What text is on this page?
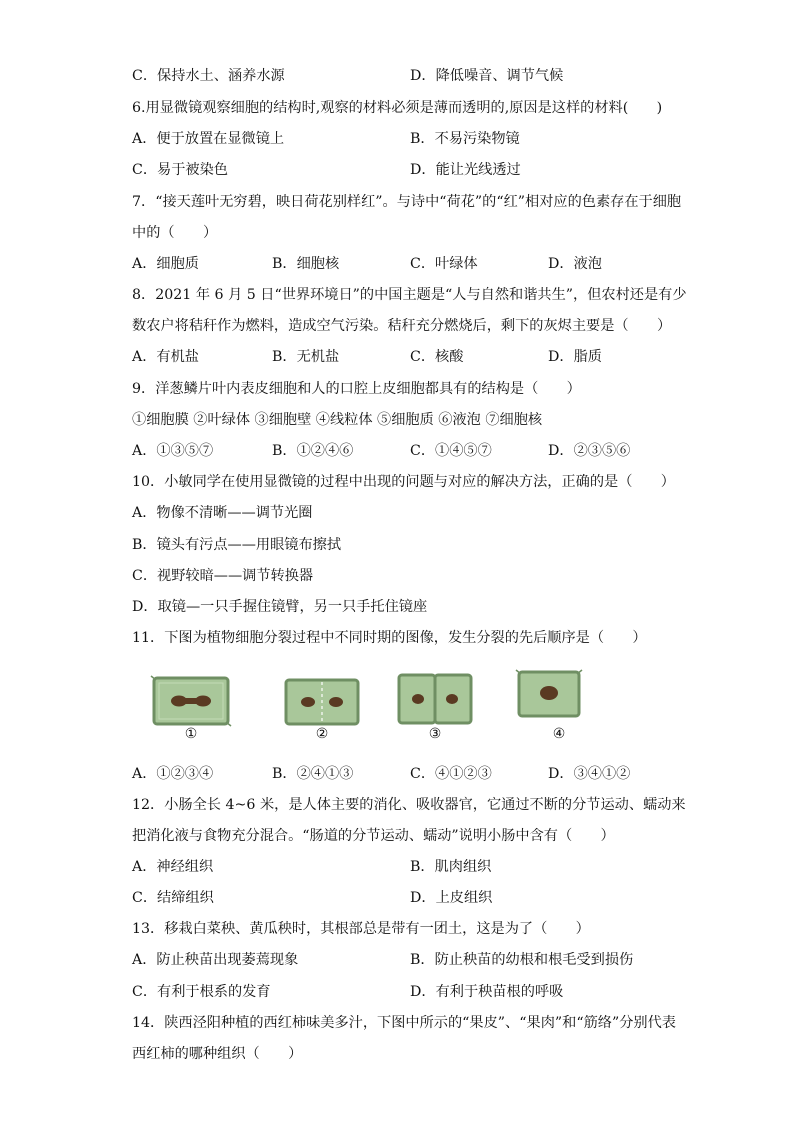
C．保持水土、涵养水源	D．降低噪音、调节气候
6.用显微镜观察细胞的结构时,观察的材料必须是薄而透明的,原因是这样的材料(　　)
A．便于放置在显微镜上	B．不易污染物镜
C．易于被染色	D．能让光线透过
7．“接天莲叶无穷碧，映日荷花别样红”。与诗中“荷花”的“红”相对应的色素存在于细胞
中的（　　）
A．细胞质	B．细胞核	C．叶绿体	D．液泡
8．2021 年 6 月 5 日“世界环境日”的中国主题是“人与自然和谐共生”，但农村还是有少
数农户将秸秆作为燃料，造成空气污染。秸秆充分燃烧后，剩下的灰烬主要是（　　）
A．有机盐	B．无机盐	C．核酸	D．脂质
9．洋葱鳞片叶内表皮细胞和人的口腔上皮细胞都具有的结构是（　　）
①细胞膜 ②叶绿体 ③细胞壁 ④线粒体 ⑤细胞质 ⑥液泡 ⑦细胞核
A．①③⑤⑦	B．①②④⑥	C．①④⑤⑦	D．②③⑤⑥
10．小敏同学在使用显微镜的过程中出现的问题与对应的解决方法，正确的是（　　）
A．物像不清晰——调节光圈
B．镜头有污点——用眼镜布擦拭
C．视野较暗——调节转换器
D．取镜—一只手握住镜臂，另一只手托住镜座
11．下图为植物细胞分裂过程中不同时期的图像，发生分裂的先后顺序是（　　）
①	②	③	④
A．①②③④	B．②④①③	C．④①②③	D．③④①②
12．小肠全长 4~6 米，是人体主要的消化、吸收器官，它通过不断的分节运动、蠕动来
把消化液与食物充分混合。“肠道的分节运动、蠕动”说明小肠中含有（　　）
A．神经组织	B．肌肉组织
C．结缔组织	D．上皮组织
13．移栽白菜秧、黄瓜秧时，其根部总是带有一团土，这是为了（　　）
A．防止秧苗出现萎蔫现象	B．防止秧苗的幼根和根毛受到损伤
C．有利于根系的发育	D．有利于秧苗根的呼吸
14．陕西泾阳种植的西红柿味美多汁，下图中所示的“果皮”、“果肉”和“筋络”分别代表
西红柿的哪种组织（　　）
